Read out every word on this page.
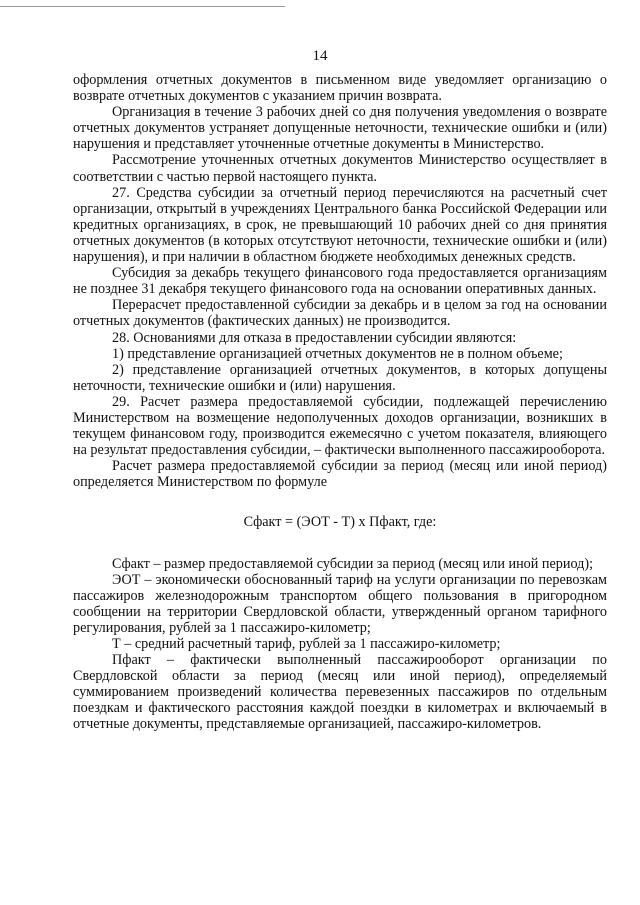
14

оформления отчетных документов в письменном виде уведомляет организацию о возврате отчетных документов с указанием причин возврата.

Организация в течение 3 рабочих дней со дня получения уведомления о возврате отчетных документов устраняет допущенные неточности, технические ошибки и (или) нарушения и представляет уточненные отчетные документы в Министерство.

Рассмотрение уточненных отчетных документов Министерство осуществляет в соответствии с частью первой настоящего пункта.

27. Средства субсидии за отчетный период перечисляются на расчетный счет организации, открытый в учреждениях Центрального банка Российской Федерации или кредитных организациях, в срок, не превышающий 10 рабочих дней со дня принятия отчетных документов (в которых отсутствуют неточности, технические ошибки и (или) нарушения), и при наличии в областном бюджете необходимых денежных средств.

Субсидия за декабрь текущего финансового года предоставляется организациям не позднее 31 декабря текущего финансового года на основании оперативных данных.

Перерасчет предоставленной субсидии за декабрь и в целом за год на основании отчетных документов (фактических данных) не производится.

28. Основаниями для отказа в предоставлении субсидии являются:

1) представление организацией отчетных документов не в полном объеме;

2) представление организацией отчетных документов, в которых допущены неточности, технические ошибки и (или) нарушения.

29. Расчет размера предоставляемой субсидии, подлежащей перечислению Министерством на возмещение недополученных доходов организации, возникших в текущем финансовом году, производится ежемесячно с учетом показателя, влияющего на результат предоставления субсидии, – фактически выполненного пассажирооборота.

Расчет размера предоставляемой субсидии за период (месяц или иной период) определяется Министерством по формуле

Сфакт = (ЭОТ - Т) x Пфакт, где:

Сфакт – размер предоставляемой субсидии за период (месяц или иной период);

ЭОТ – экономически обоснованный тариф на услуги организации по перевозкам пассажиров железнодорожным транспортом общего пользования в пригородном сообщении на территории Свердловской области, утвержденный органом тарифного регулирования, рублей за 1 пассажиро-километр;

Т – средний расчетный тариф, рублей за 1 пассажиро-километр;

Пфакт – фактически выполненный пассажирооборот организации по Свердловской области за период (месяц или иной период), определяемый суммированием произведений количества перевезенных пассажиров по отдельным поездкам и фактического расстояния каждой поездки в километрах и включаемый в отчетные документы, представляемые организацией, пассажиро-километров.
